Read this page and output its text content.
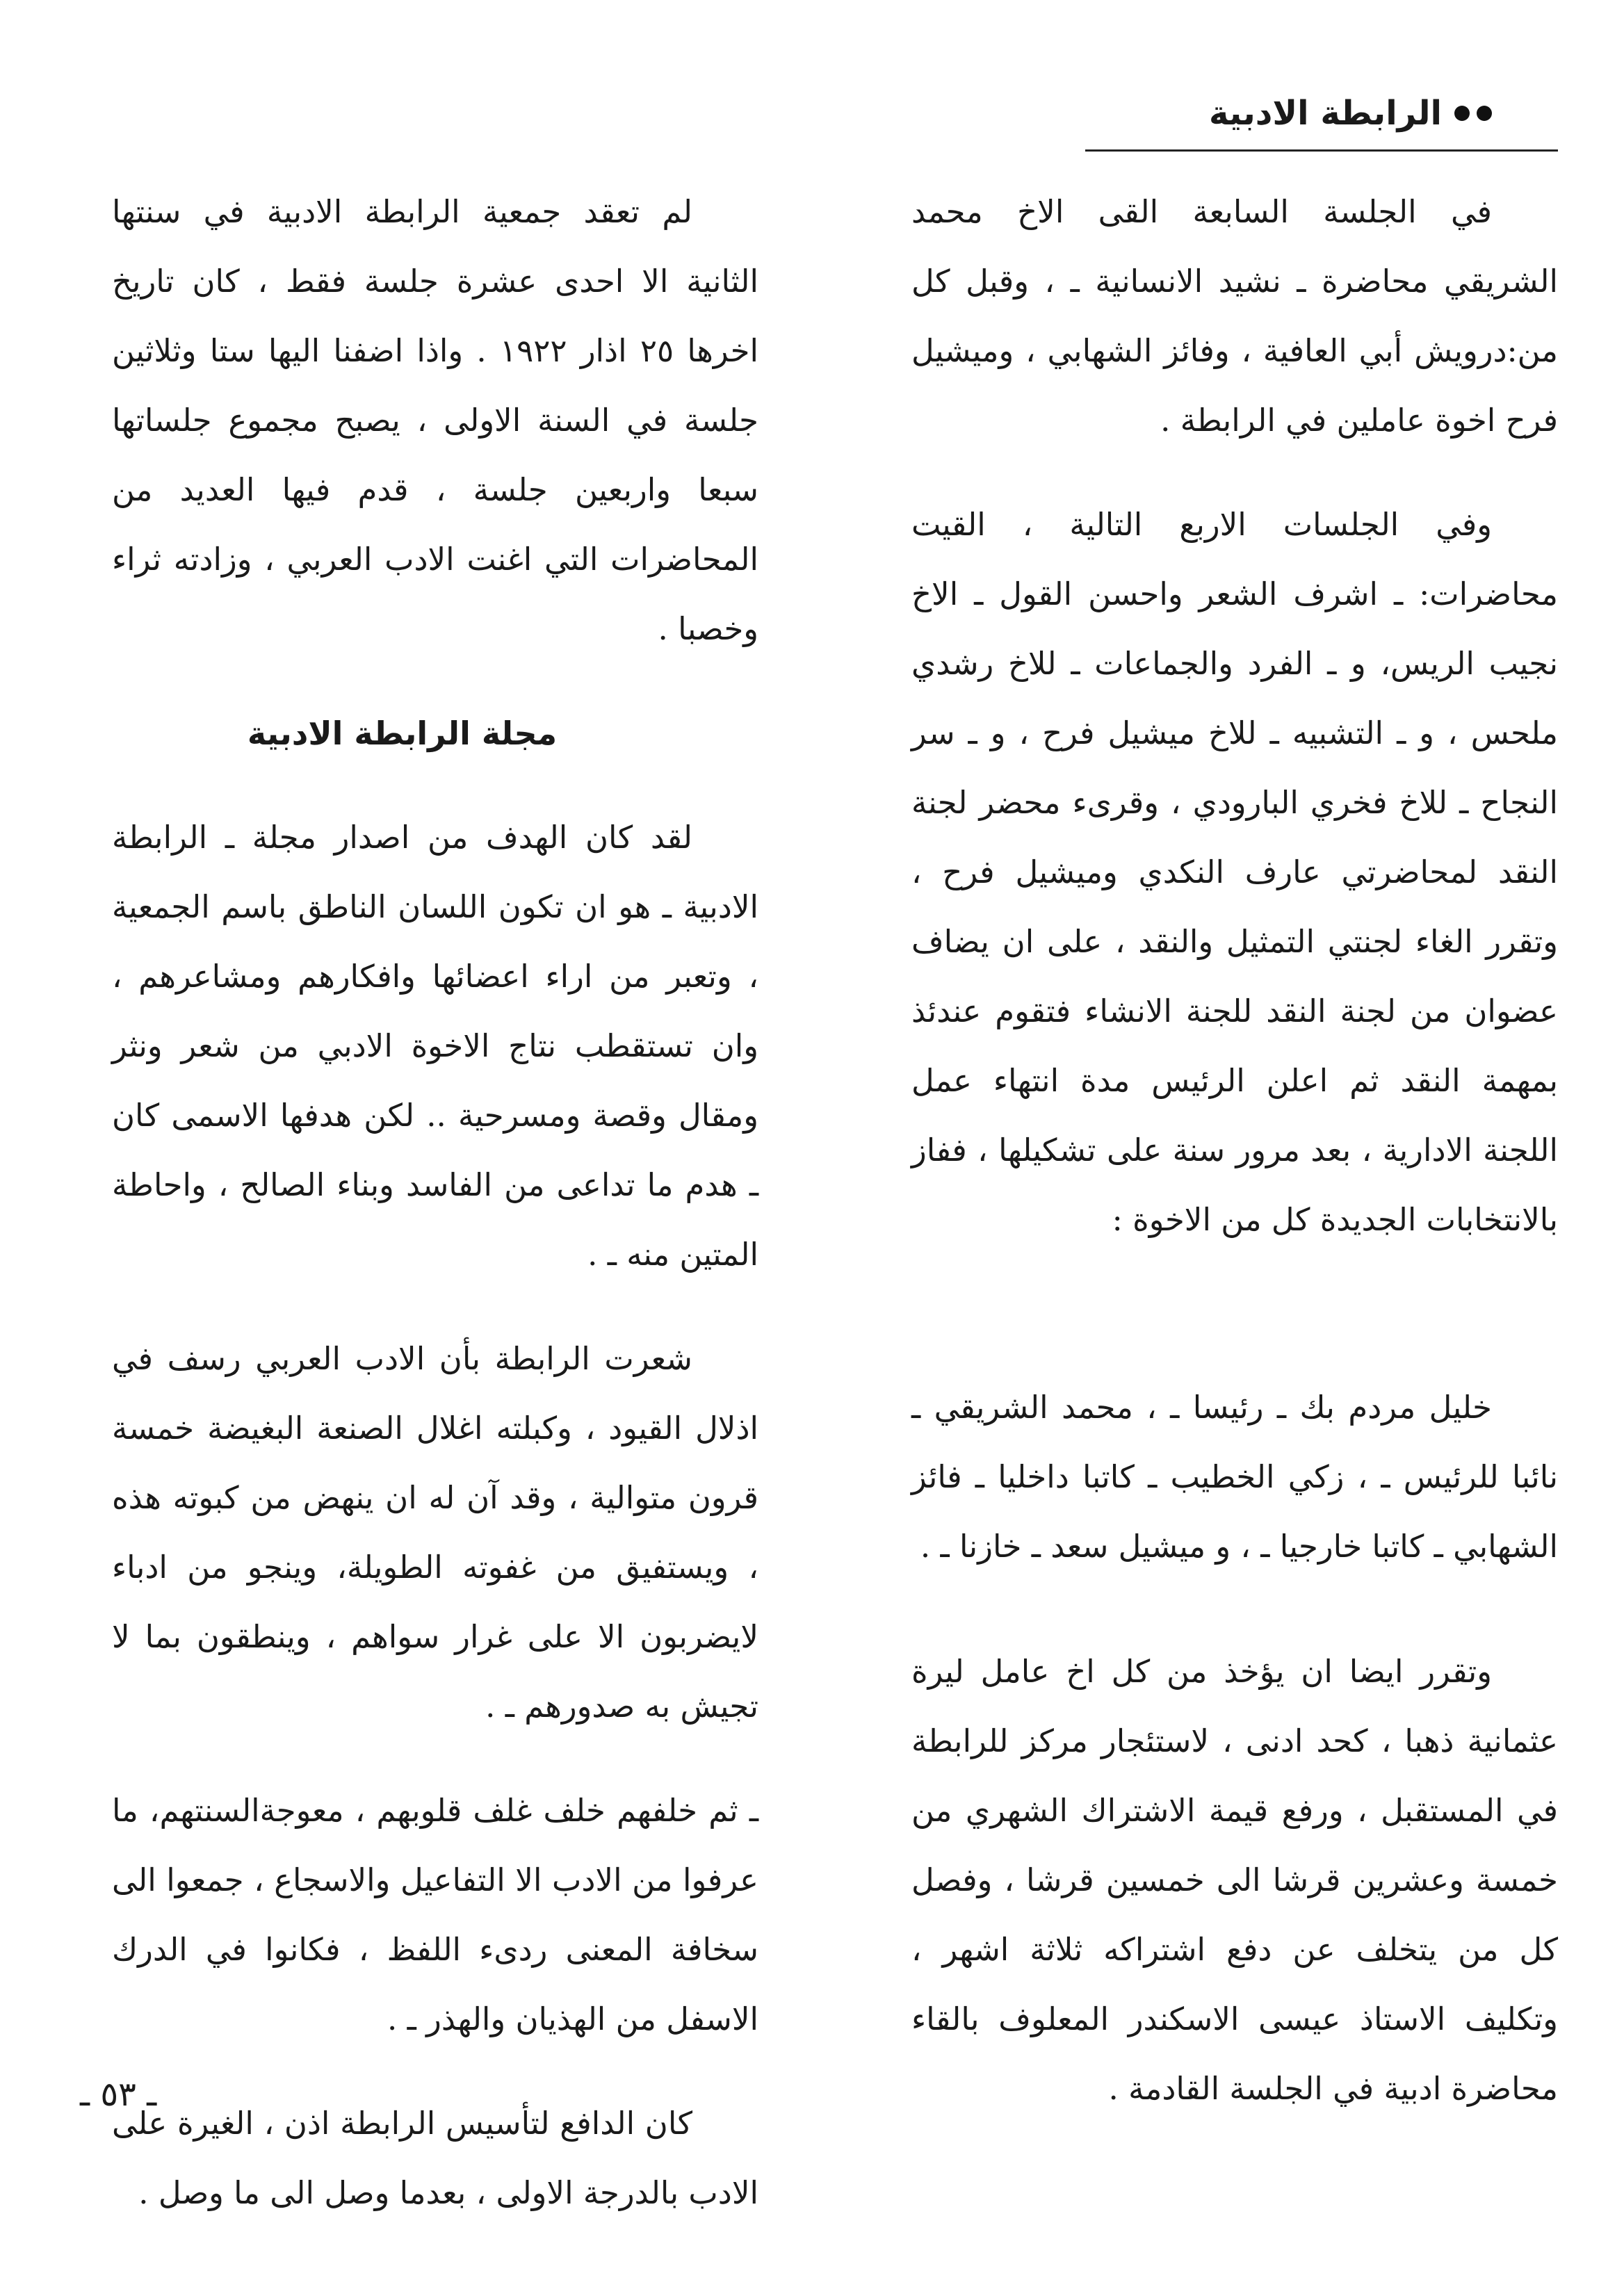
الرابطة الادبية

في الجلسة السابعة القى الاخ محمد الشريقي محاضرة ـ نشيد الانسانية ـ ، وقبل كل من:درويش أبي العافية ، وفائز الشهابي ، وميشيل فرح اخوة عاملين في الرابطة .

وفي الجلسات الاربع التالية ، القيت محاضرات: ـ اشرف الشعر واحسن القول ـ الاخ نجيب الريس، و ـ الفرد والجماعات ـ للاخ رشدي ملحس ، و ـ التشبيه ـ للاخ ميشيل فرح ، و ـ سر النجاح ـ للاخ فخري البارودي ، وقرىء محضر لجنة النقد لمحاضرتي عارف النكدي وميشيل فرح ، وتقرر الغاء لجنتي التمثيل والنقد ، على ان يضاف عضوان من لجنة النقد للجنة الانشاء فتقوم عندئذ بمهمة النقد ثم اعلن الرئيس مدة انتهاء عمل اللجنة الادارية ، بعد مرور سنة على تشكيلها ، ففاز بالانتخابات الجديدة كل من الاخوة :

خليل مردم بك ـ رئيسا ـ ، محمد الشريقي ـ نائبا للرئيس ـ ، زكي الخطيب ـ كاتبا داخليا ـ فائز الشهابي ـ كاتبا خارجيا ـ ، و ميشيل سعد ـ خازنا ـ .

وتقرر ايضا ان يؤخذ من كل اخ عامل ليرة عثمانية ذهبا ، كحد ادنى ، لاستئجار مركز للرابطة في المستقبل ، ورفع قيمة الاشتراك الشهري من خمسة وعشرين قرشا الى خمسين قرشا ، وفصل كل من يتخلف عن دفع اشتراكه ثلاثة اشهر ، وتكليف الاستاذ عيسى الاسكندر المعلوف بالقاء محاضرة ادبية في الجلسة القادمة .

لم تعقد جمعية الرابطة الادبية في سنتها الثانية الا احدى عشرة جلسة فقط ، كان تاريخ اخرها ٢٥ اذار ١٩٢٢ . واذا اضفنا اليها ستا وثلاثين جلسة في السنة الاولى ، يصبح مجموع جلساتها سبعا واربعين جلسة ، قدم فيها العديد من المحاضرات التي اغنت الادب العربي ، وزادته ثراء وخصبا .

مجلة الرابطة الادبية

لقد كان الهدف من اصدار مجلة ـ الرابطة الادبية ـ هو ان تكون اللسان الناطق باسم الجمعية ، وتعبر من اراء اعضائها وافكارهم ومشاعرهم ، وان تستقطب نتاج الاخوة الادبي من شعر ونثر ومقال وقصة ومسرحية .. لكن هدفها الاسمى كان ـ هدم ما تداعى من الفاسد وبناء الصالح ، واحاطة المتين منه ـ .

شعرت الرابطة بأن الادب العربي رسف في اذلال القيود ، وكبلته اغلال الصنعة البغيضة خمسة قرون متوالية ، وقد آن له ان ينهض من كبوته هذه ، ويستفيق من غفوته الطويلة، وينجو من ادباء لايضربون الا على غرار سواهم ، وينطقون بما لا تجيش به صدورهم ـ .

ـ ثم خلفهم خلف غلف قلوبهم ، معوجةالسنتهم، ما عرفوا من الادب الا التفاعيل والاسجاع ، جمعوا الى سخافة المعنى ردىء اللفظ ، فكانوا في الدرك الاسفل من الهذيان والهذر ـ .

كان الدافع لتأسيس الرابطة اذن ، الغيرة على الادب بالدرجة الاولى ، بعدما وصل الى ما وصل .

ـ ٥٣ ـ
